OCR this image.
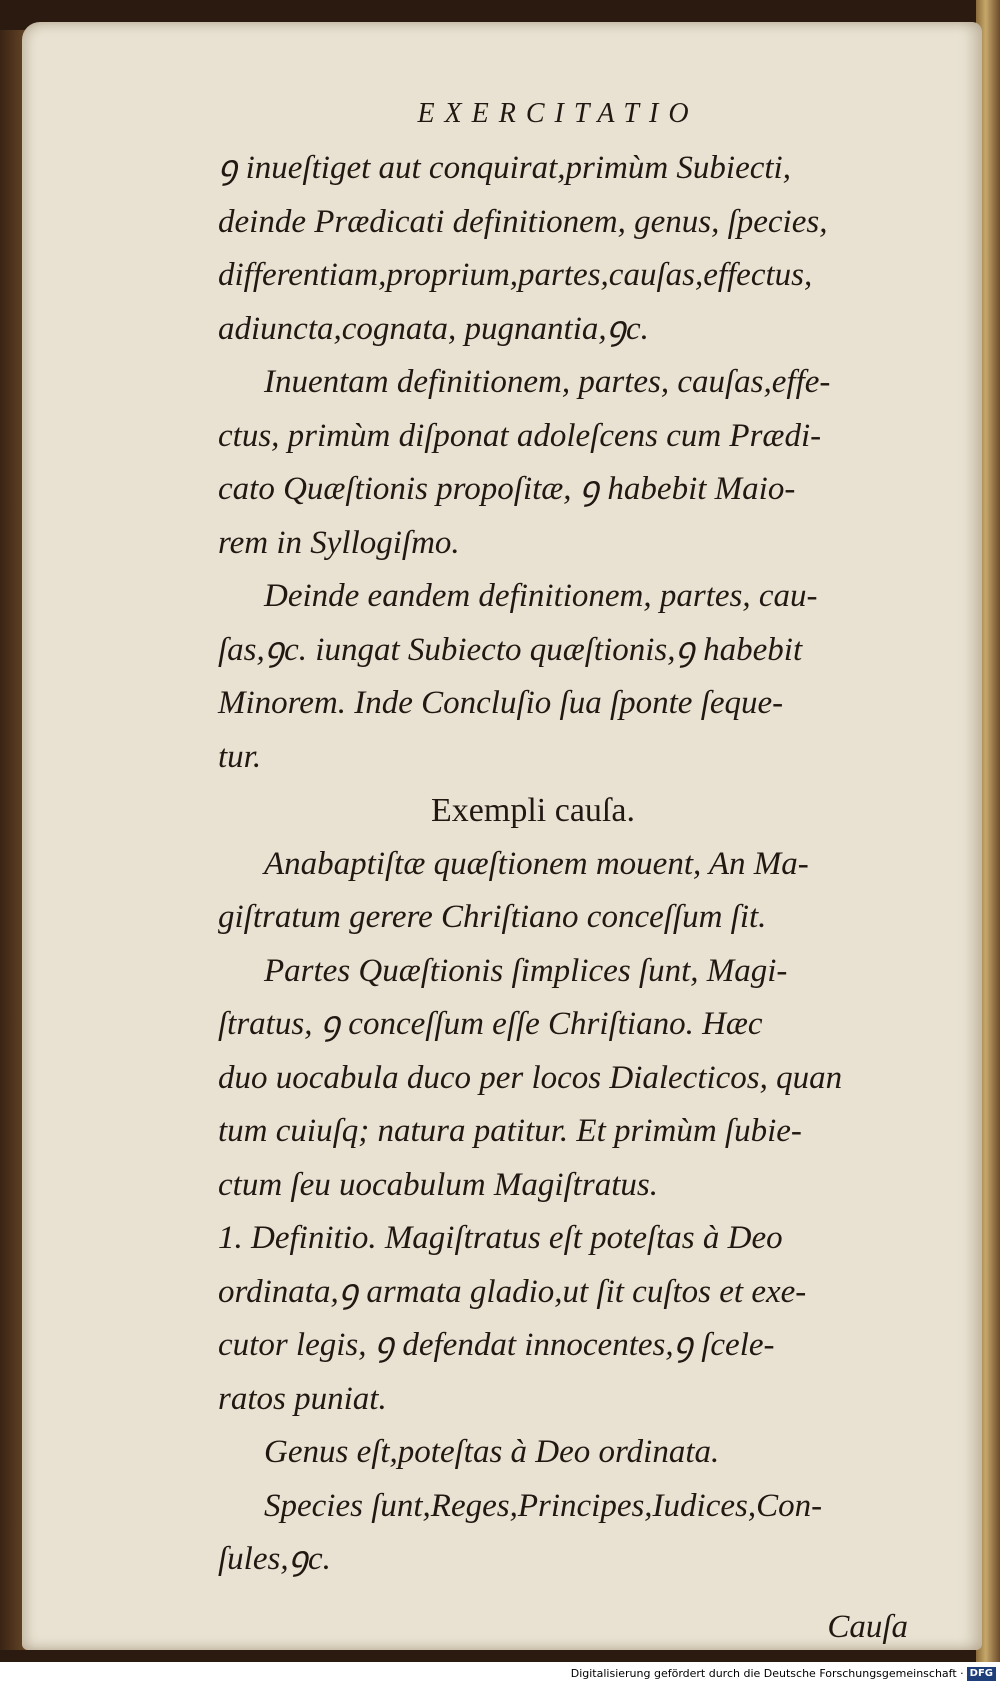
EXERCITATIO
ꝯ inueſtiget aut conquirat,primùm Subiecti,
deinde Prædicati definitionem, genus, ſpecies,
differentiam,proprium,partes,cauſas,effectus,
adiuncta,cognata, pugnantia,ꝯc.
Inuentam definitionem, partes, cauſas,effe-
ctus, primùm diſponat adoleſcens cum Prædi-
cato Quæſtionis propoſitæ, ꝯ habebit Maio-
rem in Syllogiſmo.
Deinde eandem definitionem, partes, cau-
ſas,ꝯc. iungat Subiecto quæſtionis,ꝯ habebit
Minorem. Inde Concluſio ſua ſponte ſeque-
tur.
Exempli cauſa.
Anabaptiſtæ quæſtionem mouent, An Ma-
giſtratum gerere Chriſtiano conceſſum ſit.
Partes Quæſtionis ſimplices ſunt, Magi-
ſtratus, ꝯ conceſſum eſſe Chriſtiano. Hæc
duo uocabula duco per locos Dialecticos, quan
tum cuiuſq; natura patitur. Et primùm ſubie-
ctum ſeu uocabulum Magiſtratus.
1. Definitio. Magiſtratus eſt poteſtas à Deo
ordinata,ꝯ armata gladio,ut ſit cuſtos et exe-
cutor legis, ꝯ defendat innocentes,ꝯ ſcele-
ratos puniat.
Genus eſt,poteſtas à Deo ordinata.
Species ſunt,Reges,Principes,Iudices,Con-
ſules,ꝯc.
Cauſa
Digitalisierung gefördert durch die Deutsche Forschungsgemeinschaft · DFG
